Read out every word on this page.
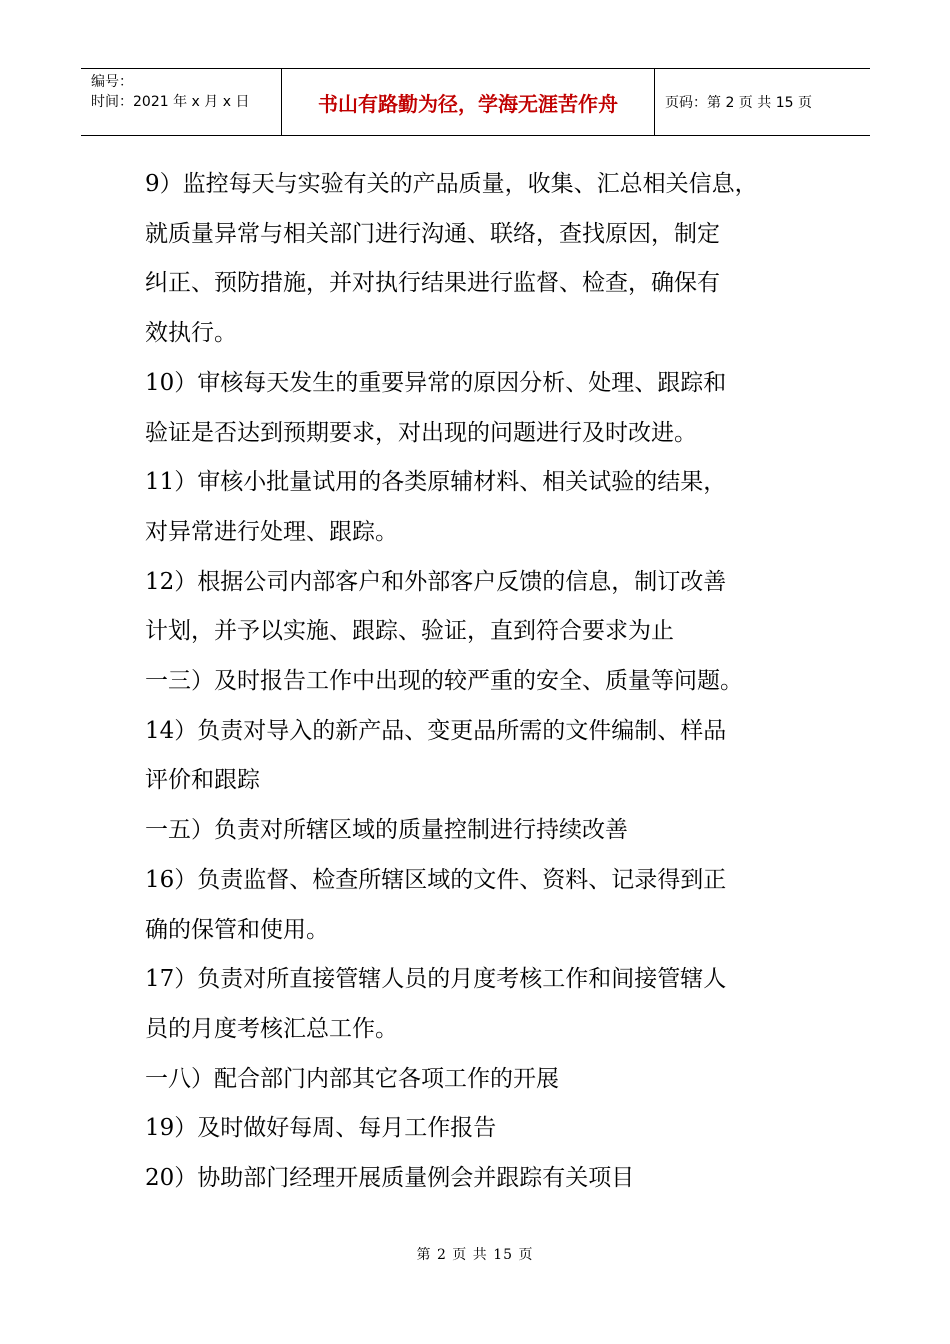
编号：
时间：2021 年 x 月 x 日	书山有路勤为径，学海无涯苦作舟	页码：第 2 页 共 15 页

9）监控每天与实验有关的产品质量，收集、汇总相关信息，

就质量异常与相关部门进行沟通、联络，查找原因，制定

纠正、预防措施，并对执行结果进行监督、检查，确保有

效执行。

10）审核每天发生的重要异常的原因分析、处理、跟踪和

验证是否达到预期要求，对出现的问题进行及时改进。

11）审核小批量试用的各类原辅材料、相关试验的结果，

对异常进行处理、跟踪。

12）根据公司内部客户和外部客户反馈的信息，制订改善

计划，并予以实施、跟踪、验证，直到符合要求为止

一三）及时报告工作中出现的较严重的安全、质量等问题。

14）负责对导入的新产品、变更品所需的文件编制、样品

评价和跟踪

一五）负责对所辖区域的质量控制进行持续改善

16）负责监督、检查所辖区域的文件、资料、记录得到正

确的保管和使用。

17）负责对所直接管辖人员的月度考核工作和间接管辖人

员的月度考核汇总工作。

一八）配合部门内部其它各项工作的开展

19）及时做好每周、每月工作报告

20）协助部门经理开展质量例会并跟踪有关项目

第 2 页 共 15 页
